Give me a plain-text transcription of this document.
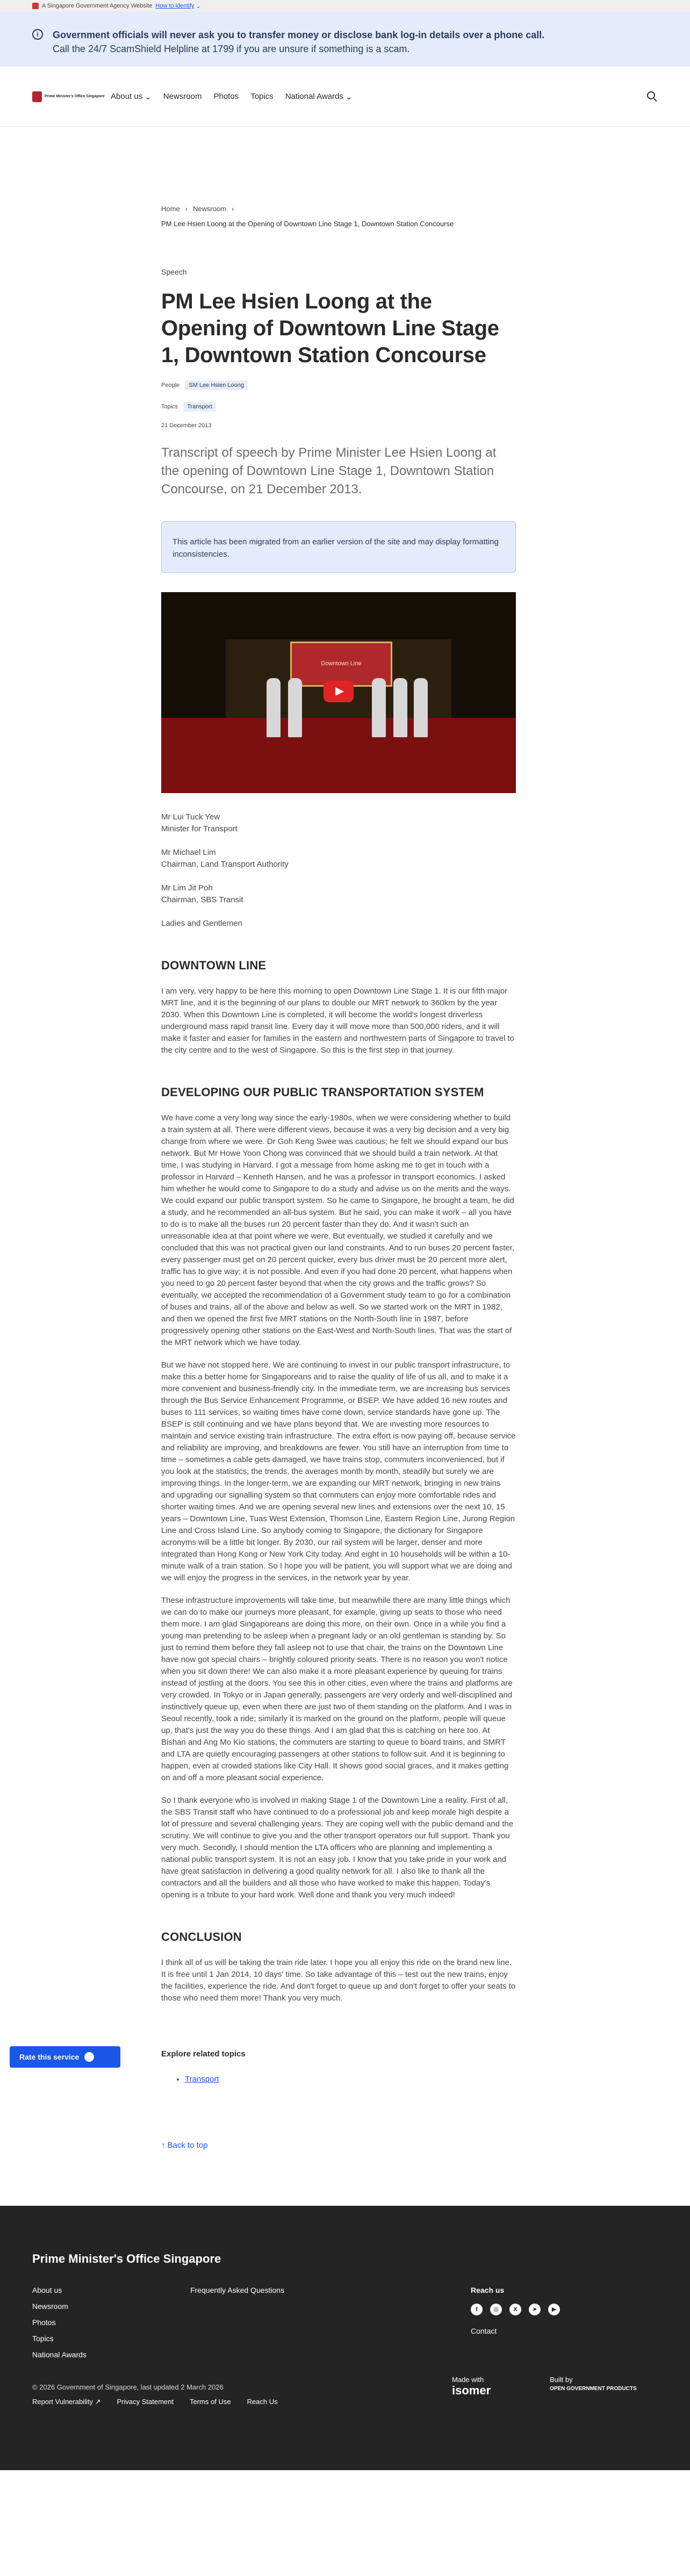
A Singapore Government Agency Website How to identify ⌄
i	Government officials will never ask you to transfer money or disclose bank log-in details over a phone call.
Call the 24/7 ScamShield Helpline at 1799 if you are unsure if something is a scam.
Prime Minister's Office Singapore About us ⌄ Newsroom Photos Topics National Awards ⌄
Home › Newsroom ›
PM Lee Hsien Loong at the Opening of Downtown Line Stage 1, Downtown Station Concourse
Speech
PM Lee Hsien Loong at the Opening of Downtown Line Stage 1, Downtown Station Concourse
People	SM Lee Hsien Loong
Topics	Transport
21 December 2013
Transcript of speech by Prime Minister Lee Hsien Loong at the opening of Downtown Line Stage 1, Downtown Station Concourse, on 21 December 2013.
This article has been migrated from an earlier version of the site and may display formatting inconsistencies.
Downtown Line
Mr Lui Tuck Yew
Minister for Transport
Mr Michael Lim
Chairman, Land Transport Authority
Mr Lim Jit Poh
Chairman, SBS Transit
Ladies and Gentlemen
DOWNTOWN LINE

I am very, very happy to be here this morning to open Downtown Line Stage 1. It is our fifth major MRT line, and it is the beginning of our plans to double our MRT network to 360km by the year 2030. When this Downtown Line is completed, it will become the world's longest driverless underground mass rapid transit line. Every day it will move more than 500,000 riders, and it will make it faster and easier for families in the eastern and northwestern parts of Singapore to travel to the city centre and to the west of Singapore. So this is the first step in that journey.

DEVELOPING OUR PUBLIC TRANSPORTATION SYSTEM

We have come a very long way since the early-1980s, when we were considering whether to build a train system at all. There were different views, because it was a very big decision and a very big change from where we were. Dr Goh Keng Swee was cautious; he felt we should expand our bus network. But Mr Howe Yoon Chong was convinced that we should build a train network. At that time, I was studying in Harvard. I got a message from home asking me to get in touch with a professor in Harvard – Kenneth Hansen, and he was a professor in transport economics. I asked him whether he would come to Singapore to do a study and advise us on the merits and the ways. We could expand our public transport system. So he came to Singapore, he brought a team, he did a study, and he recommended an all-bus system. But he said, you can make it work – all you have to do is to make all the buses run 20 percent faster than they do. And it wasn't such an unreasonable idea at that point where we were. But eventually, we studied it carefully and we concluded that this was not practical given our land constraints. And to run buses 20 percent faster, every passenger must get on 20 percent quicker, every bus driver must be 20 percent more alert, traffic has to give way; it is not possible. And even if you had done 20 percent, what happens when you need to go 20 percent faster beyond that when the city grows and the traffic grows? So eventually, we accepted the recommendation of a Government study team to go for a combination of buses and trains, all of the above and below as well. So we started work on the MRT in 1982, and then we opened the first five MRT stations on the North-South line in 1987, before progressively opening other stations on the East-West and North-South lines. That was the start of the MRT network which we have today.

But we have not stopped here. We are continuing to invest in our public transport infrastructure, to make this a better home for Singaporeans and to raise the quality of life of us all, and to make it a more convenient and business-friendly city. In the immediate term, we are increasing bus services through the Bus Service Enhancement Programme, or BSEP. We have added 16 new routes and buses to 111 services, so waiting times have come down, service standards have gone up. The BSEP is still continuing and we have plans beyond that. We are investing more resources to maintain and service existing train infrastructure. The extra effort is now paying off, because service and reliability are improving, and breakdowns are fewer. You still have an interruption from time to time – sometimes a cable gets damaged, we have trains stop, commuters inconvenienced, but if you look at the statistics, the trends, the averages month by month, steadily but surely we are improving things. In the longer-term, we are expanding our MRT network, bringing in new trains and upgrading our signalling system so that commuters can enjoy more comfortable rides and shorter waiting times. And we are opening several new lines and extensions over the next 10, 15 years – Downtown Line, Tuas West Extension, Thomson Line, Eastern Region Line, Jurong Region Line and Cross Island Line. So anybody coming to Singapore, the dictionary for Singapore acronyms will be a little bit longer. By 2030, our rail system will be larger, denser and more integrated than Hong Kong or New York City today. And eight in 10 households will be within a 10-minute walk of a train station. So I hope you will be patient, you will support what we are doing and we will enjoy the progress in the services, in the network year by year.

These infrastructure improvements will take time, but meanwhile there are many little things which we can do to make our journeys more pleasant, for example, giving up seats to those who need them more. I am glad Singaporeans are doing this more, on their own. Once in a while you find a young man pretending to be asleep when a pregnant lady or an old gentleman is standing by. So just to remind them before they fall asleep not to use that chair, the trains on the Downtown Line have now got special chairs – brightly coloured priority seats. There is no reason you won't notice when you sit down there! We can also make it a more pleasant experience by queuing for trains instead of jostling at the doors. You see this in other cities, even where the trains and platforms are very crowded. In Tokyo or in Japan generally, passengers are very orderly and well-disciplined and instinctively queue up, even when there are just two of them standing on the platform. And I was in Seoul recently, took a ride; similarly it is marked on the ground on the platform, people will queue up, that's just the way you do these things. And I am glad that this is catching on here too. At Bishan and Ang Mo Kio stations, the commuters are starting to queue to board trains, and SMRT and LTA are quietly encouraging passengers at other stations to follow suit. And it is beginning to happen, even at crowded stations like City Hall. It shows good social graces, and it makes getting on and off a more pleasant social experience.

So I thank everyone who is involved in making Stage 1 of the Downtown Line a reality. First of all, the SBS Transit staff who have continued to do a professional job and keep morale high despite a lot of pressure and several challenging years. They are coping well with the public demand and the scrutiny. We will continue to give you and the other transport operators our full support. Thank you very much. Secondly, I should mention the LTA officers who are planning and implementing a national public transport system. It is not an easy job. I know that you take pride in your work and have great satisfaction in delivering a good quality network for all. I also like to thank all the contractors and all the builders and all those who have worked to make this happen. Today's opening is a tribute to your hard work. Well done and thank you very much indeed!

CONCLUSION

I think all of us will be taking the train ride later. I hope you all enjoy this ride on the brand new line. It is free until 1 Jan 2014, 10 days' time. So take advantage of this – test out the new trains, enjoy the facilities, experience the ride. And don't forget to queue up and don't forget to offer your seats to those who need them more! Thank you very much.

Explore related topics
• Transport
↑ Back to top
Rate this service
Prime Minister's Office Singapore
About us
Newsroom
Photos
Topics
National Awards
Frequently Asked Questions	Reach us
f	◎	X	➤	▶
Contact
© 2026 Government of Singapore, last updated 2 March 2026
Report Vulnerability ↗ Privacy Statement Terms of Use Reach Us
Made with
isomer
Built by
OPEN GOVERNMENT PRODUCTS
